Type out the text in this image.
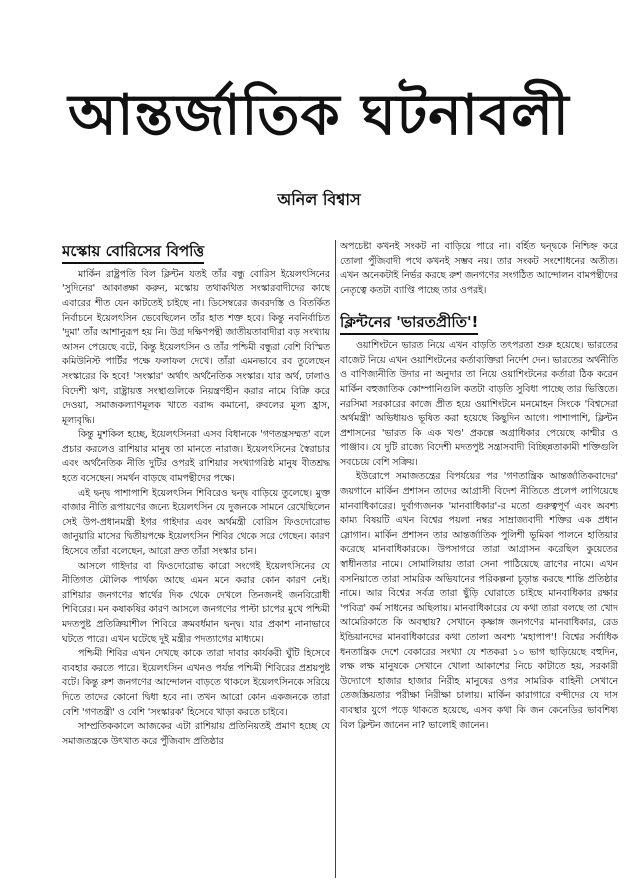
আন্তর্জাতিক ঘটনাবলী
অনিল বিশ্বাস
মস্কোয় বোরিসের বিপত্তি

মার্কিন রাষ্ট্রপতি বিল ক্লিন্টন যতই তাঁর বন্ধু বোরিস ইয়েলৎসিনের 'সুদিনের' আকাঙ্ক্ষা করুন, মস্কোয় তথাকথিত সংস্কারবাদীদের কাছে এবারের শীত যেন কাটতেই চাইছে না। ডিসেম্বরের জবরদস্তি ও বিতর্কিত নির্বাচনে ইয়েলৎসিন ভেবেছিলেন তাঁর হাত শক্ত হবে। কিন্তু নবনির্বাচিত 'দুমা' তাঁর আশানুরূপ হয় নি। উগ্র দক্ষিণপন্থী জাতীয়তাবাদীরা বড় সংখ্যায় আসন পেয়েছে বটে, কিন্তু ইয়েলৎসিন ও তাঁর পশ্চিমী বন্ধুরা বেশি বিস্মিত কমিউনিস্ট পার্টির পক্ষে ফলাফল দেখে। তাঁরা এমনভাবে রব তুলেছেন সংস্কারের কি হবে! 'সংস্কার' অর্থাৎ অর্থনৈতিক সংস্কার। যার অর্থ, ঢালাও বিদেশী ঋণ, রাষ্ট্রায়ত্ত সংস্থাগুলিকে নিয়ন্ত্রণহীন করার নামে বিক্রি করে দেওয়া, সমাজকল্যাণমূলক খাতে বরাদ্দ কমানো, রুবলের মূল্য হ্রাস, মূল্যবৃদ্ধি।

কিন্তু মুশকিল হচ্ছে, ইয়েলৎসিনরা এসব বিধানকে 'গণতন্ত্রসম্মত' বলে প্রচার করলেও রাশিয়ার মানুষ তা মানতে নারাজ। ইয়েলৎসিনের স্বৈরাচার এবং অর্থনৈতিক নীতি দুটির ওপরই রাশিয়ার সংখ্যাগরিষ্ঠ মানুষ বীতশ্রদ্ধ হতে বসেছেন। সমর্থন বাড়ছে বামপন্থীদের পক্ষে।

এই দ্বন্দ্ব পাশাপাশি ইয়েলৎসিন শিবিরেও দ্বন্দ্ব বাড়িয়ে তুলেছে। মুক্ত বাজার নীতি রূপায়ণের জন্যে ইয়েলৎসিন যে দুজনকে সামনে রেখেছিলেন সেই উপ-প্রধানমন্ত্রী ইগর গাইদার এবং অর্থমন্ত্রী বোরিস ফিওদোরোভ জানুয়ারি মাসের দ্বিতীয়পক্ষে ইয়েলৎসিন শিবির থেকে সরে গেছেন। কারণ হিসেবে তাঁরা বলেছেন, আরো দ্রুত তাঁরা সংস্কার চান।

আসলে গাইদার বা ফিওদোরোভ কারো সংগেই ইয়েলৎসিনের যে নীতিগত মৌলিক পার্থক্য আছে এমন মনে করার কোন কারণ নেই। রাশিয়ার জনগণের স্বার্থের দিক থেকে দেখলে তিনজনই জনবিরোধী শিবিরের। মন কষাকষির কারণ আসলে জনগণের পাল্টা চাপের মুখে পশ্চিমী মদতপুষ্ট প্রতিক্রিয়াশীল শিবিরে ক্রমবর্ধমান দ্বন্দ্ব। যার প্রকাশ নানাভাবে ঘটতে পারে। এখন ঘটেছে দুই মন্ত্রীর পদত্যাগের মাধ্যমে।

পশ্চিমী শিবির এখন দেখছে কাকে তারা দাবার কার্যকরী ঘুঁটি হিসেবে ব্যবহার করতে পারে। ইয়েলৎসিন এখনও পর্যন্ত পশ্চিমী শিবিরের প্রশ্রয়পুষ্ট বটে। কিন্তু রুশ জনগণের আন্দোলন বাড়তে থাকলে ইয়েলৎসিনকে সরিয়ে দিতে তাদের কোনো দ্বিধা হবে না। তখন আরো কোন একজনকে তারা বেশি 'গণতন্ত্রী' ও বেশি 'সংস্কারক' হিসেবে খাড়া করতে চাইবে।

সাম্প্রতিককালে আজকের এটা রাশিয়ায় প্রতিনিয়তই প্রমাণ হচ্ছে যে সমাজতন্ত্রকে উৎখাত করে পুঁজিবাদ প্রতিষ্ঠার

অপচেষ্টা কখনই সংকট না বাড়িয়ে পারে না। বর্হিত দ্বন্দ্বকে নিশ্চিহ্ন করে তোলা পুঁজিবাদী পথে কখনই সম্ভব নয়। তার সংকট সংশোধনের অতীত। এখন অনেকটাই নির্ভর করছে রুশ জনগণের সংগঠিত আন্দোলন বামপন্থীদের নেতৃত্বে কতটা ব্যাপ্তি পাচ্ছে তার ওপরই।

ক্লিন্টনের 'ভারতপ্রীতি'!

ওয়াশিংটনে ভারত নিয়ে এখন বাড়তি তৎপরতা শুরু হয়েছে। ভারতের বাজেট নিয়ে এখন ওয়াশিংটনের কর্তাব্যক্তিরা নির্দেশ দেন। ভারতের অর্থনীতি ও বাণিজ্যনীতি উদার না অনুদার তা নিয়ে ওয়াশিংটনের কর্তারা ঠিক করেন মার্কিন বহুজাতিক কোম্পানিগুলি কতটা বাড়তি সুবিধা পাচ্ছে তার ভিত্তিতে। নরসিমা সরকারের কাজে প্রীত হয়ে ওয়াশিংটনে মনমোহন সিংকে 'বিশ্বসেরা অর্থমন্ত্রী' অভিধায়ও ভূষিত করা হয়েছে কিছুদিন আগে। পাশাপাশি, ক্লিন্টন প্রশাসনের 'ভারত কি এক খণ্ড' প্রকল্পে অগ্রাধিকার পেয়েছে কাশ্মীর ও পাঞ্জাব। যে দুটি রাজ্যে বিদেশী মদতপুষ্ট সন্ত্রাসবাদী বিচ্ছিন্নতাকামী শক্তিগুলি সবচেয়ে বেশি সক্রিয়।

ইউরোপে সমাজতন্ত্রের বিপর্যয়ের পর 'গণতান্ত্রিক আন্তর্জাতিকবাদের' জয়গানে মার্কিন প্রশাসন তাদের আগ্রাসী বিদেশ নীতিতে প্রলেপ লাগিয়েছে মানবাধিকারের। দুর্বাগ্যজনক 'মানবাধিকার'-র মতো গুরুত্বপূর্ণ এবং অবশ্য কাম্য বিষয়টি এখন বিশ্বের পয়লা নম্বর সাম্রাজ্যবাদী শক্তির এক প্রধান স্লোগান। মার্কিন প্রশাসন তার আন্তর্জাতিক পুলিশী ভূমিকা পালনে হাতিয়ার করেছে মানবাধিকারকে। উপসাগরে তারা আগ্রাসন করেছিল কুয়েতের স্বাধীনতার নামে। সোমালিয়ায় তারা সেনা পাঠিয়েছে ত্রাণের নামে। এখন বসনিয়াতে তারা সামরিক অভিযানের পরিকল্পনা চূড়ান্ত করছে শান্তি প্রতিষ্ঠার নামে। আর বিশ্বের সর্বত্র তারা ছুঁড়ি ঘোরাতে চাইছে মানবাধিকার রক্ষার 'পবিত্র' কর্ম সাধনের অছিলায়। মানবাধিকারের যে কথা তারা বলছে তা খোদ আমেরিকাতে কি অবস্থায়? সেখানে কৃষ্ণাঙ্গ জনগণের মানবাধিকার, রেড ইন্ডিয়ানদের মানবাধিকারের কথা তোলা অবশ্য 'মহাপাপ'! বিশ্বের সর্বাধিক ধনতান্ত্রিক দেশে বেকারের সংখ্যা যে শতকরা ১০ ভাগ ছাড়িয়েছে বহুদিন, লক্ষ লক্ষ মানুষকে সেখানে খোলা আকাশের নিচে কাটাতে হয়, সরকারী উদ্যোগে হাজার হাজার নিরীহ মানুষের ওপর সামরিক বাহিনী সেখানে তেজস্ক্রিয়তার পরীক্ষা নিরীক্ষা চালায়। মার্কিন কারাগারে বন্দীদের যে দাস ব্যবস্থার যুগে পড়ে থাকতে হয়েছে, এসব কথা কি জন কেনেডির ভাবশিষ্য বিল ক্লিন্টন জানেন না? ভালোই জানেন।
